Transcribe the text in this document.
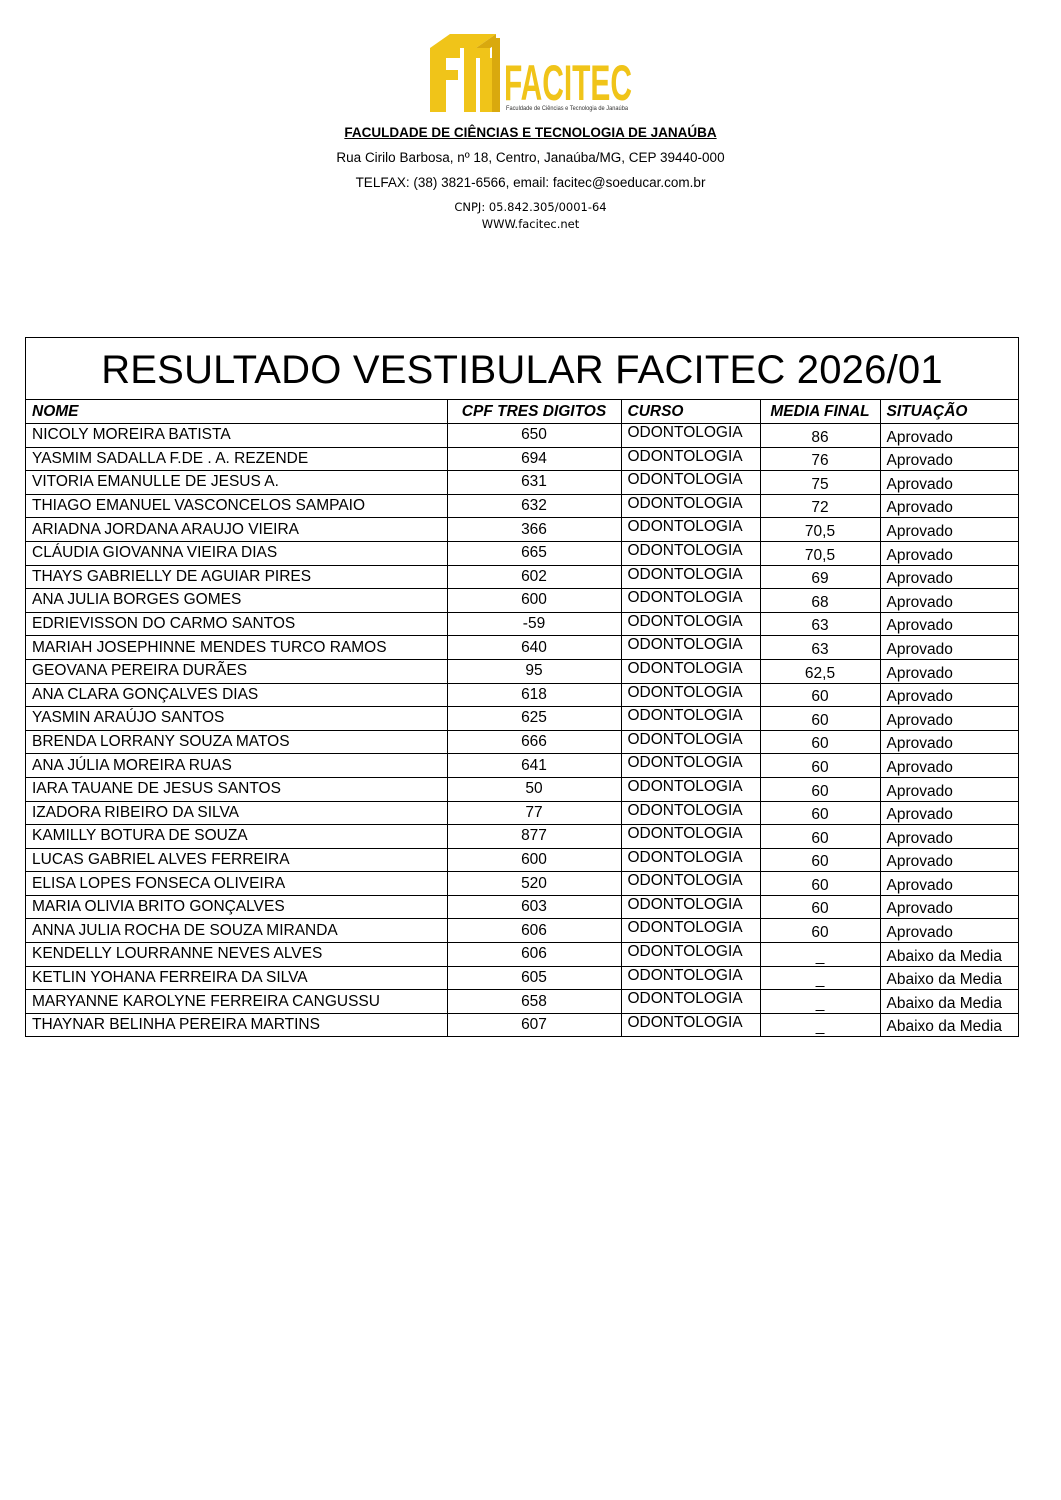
FACITEC
Faculdade de Ciências e Tecnologia de Janaúba
FACULDADE DE CIÊNCIAS E TECNOLOGIA DE JANAÚBA
Rua Cirilo Barbosa, nº 18, Centro, Janaúba/MG, CEP 39440-000
TELFAX: (38) 3821-6566, email: facitec@soeducar.com.br
CNPJ: 05.842.305/0001-64
WWW.facitec.net
RESULTADO VESTIBULAR FACITEC 2026/01
NOME	CPF TRES DIGITOS	CURSO	MEDIA FINAL	SITUAÇÃO
NICOLY MOREIRA BATISTA	650	ODONTOLOGIA	86	Aprovado
YASMIM SADALLA F.DE . A. REZENDE	694	ODONTOLOGIA	76	Aprovado
VITORIA EMANULLE DE JESUS A.	631	ODONTOLOGIA	75	Aprovado
THIAGO EMANUEL VASCONCELOS SAMPAIO	632	ODONTOLOGIA	72	Aprovado
ARIADNA JORDANA ARAUJO VIEIRA	366	ODONTOLOGIA	70,5	Aprovado
CLÁUDIA GIOVANNA VIEIRA DIAS	665	ODONTOLOGIA	70,5	Aprovado
THAYS GABRIELLY DE AGUIAR PIRES	602	ODONTOLOGIA	69	Aprovado
ANA JULIA BORGES GOMES	600	ODONTOLOGIA	68	Aprovado
EDRIEVISSON DO CARMO SANTOS	-59	ODONTOLOGIA	63	Aprovado
MARIAH JOSEPHINNE MENDES TURCO RAMOS	640	ODONTOLOGIA	63	Aprovado
GEOVANA PEREIRA DURÃES	95	ODONTOLOGIA	62,5	Aprovado
ANA CLARA GONÇALVES DIAS	618	ODONTOLOGIA	60	Aprovado
YASMIN ARAÚJO SANTOS	625	ODONTOLOGIA	60	Aprovado
BRENDA LORRANY SOUZA MATOS	666	ODONTOLOGIA	60	Aprovado
ANA JÚLIA MOREIRA RUAS	641	ODONTOLOGIA	60	Aprovado
IARA TAUANE DE JESUS SANTOS	50	ODONTOLOGIA	60	Aprovado
IZADORA RIBEIRO DA SILVA	77	ODONTOLOGIA	60	Aprovado
KAMILLY BOTURA DE SOUZA	877	ODONTOLOGIA	60	Aprovado
LUCAS GABRIEL ALVES FERREIRA	600	ODONTOLOGIA	60	Aprovado
ELISA LOPES FONSECA OLIVEIRA	520	ODONTOLOGIA	60	Aprovado
MARIA OLIVIA BRITO GONÇALVES	603	ODONTOLOGIA	60	Aprovado
ANNA JULIA ROCHA DE SOUZA MIRANDA	606	ODONTOLOGIA	60	Aprovado
KENDELLY LOURRANNE NEVES ALVES	606	ODONTOLOGIA	_	Abaixo da Media
KETLIN YOHANA FERREIRA DA SILVA	605	ODONTOLOGIA	_	Abaixo da Media
MARYANNE KAROLYNE FERREIRA CANGUSSU	658	ODONTOLOGIA	_	Abaixo da Media
THAYNAR BELINHA PEREIRA MARTINS	607	ODONTOLOGIA	_	Abaixo da Media
